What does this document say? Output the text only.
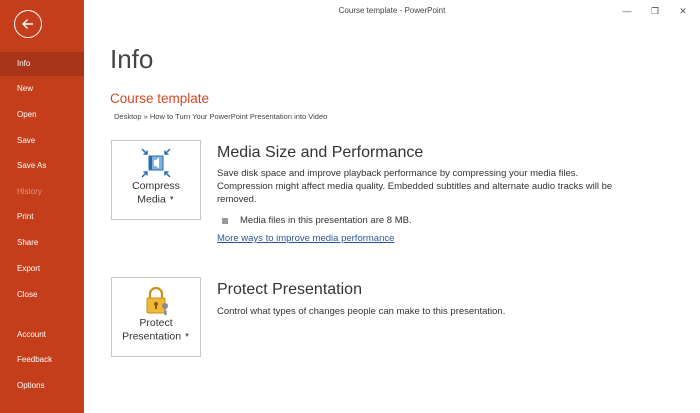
Info
New
Open
Save
Save As
History
Print
Share
Export
Close
Account
Feedback
Options
Course template - PowerPoint	— ❐ ✕
Info
Course template
Desktop » How to Turn Your PowerPoint Presentation into Video
Compress
Media ▼
Media Size and Performance
Save disk space and improve playback performance by compressing your media files. Compression might affect media quality. Embedded subtitles and alternate audio tracks will be removed.
Media files in this presentation are 8 MB.
More ways to improve media performance
Protect
Presentation ▼
Protect Presentation
Control what types of changes people can make to this presentation.
